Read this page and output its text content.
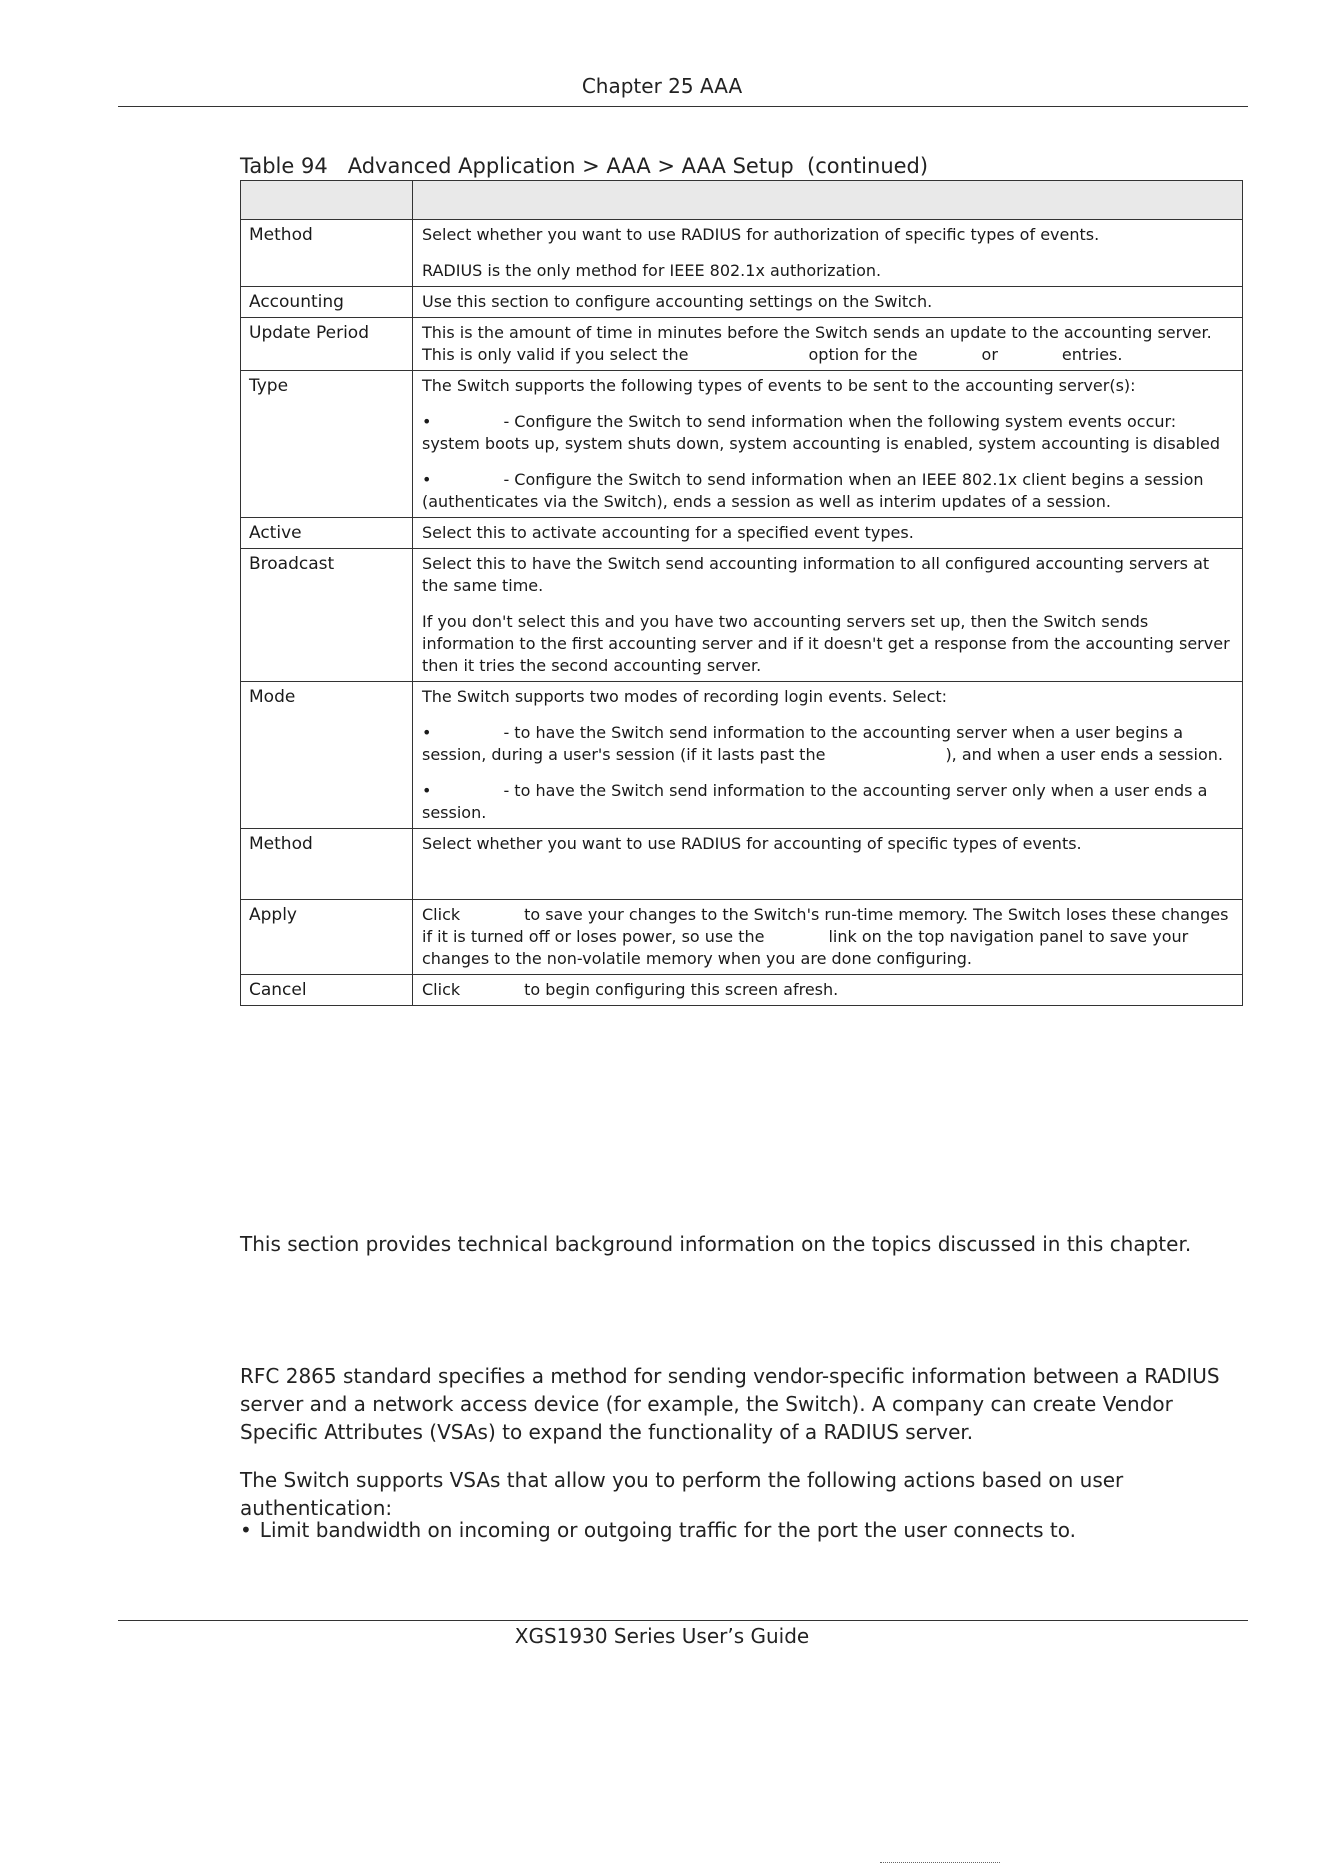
Chapter 25 AAA
Table 94   Advanced Application > AAA > AAA Setup  (continued)
Method	Select whether you want to use RADIUS for authorization of specific types of events.

RADIUS is the only method for IEEE 802.1x authorization.

Accounting	Use this section to configure accounting settings on the Switch.

Update Period	This is the amount of time in minutes before the Switch sends an update to the accounting server. This is only valid if you select the	option for the	or	entries.

Type	The Switch supports the following types of events to be sent to the accounting server(s):

•	- Configure the Switch to send information when the following system events occur: system boots up, system shuts down, system accounting is enabled, system accounting is disabled

•	- Configure the Switch to send information when an IEEE 802.1x client begins a session (authenticates via the Switch), ends a session as well as interim updates of a session.

Active	Select this to activate accounting for a specified event types.

Broadcast	Select this to have the Switch send accounting information to all configured accounting servers at the same time.

If you don't select this and you have two accounting servers set up, then the Switch sends information to the first accounting server and if it doesn't get a response from the accounting server then it tries the second accounting server.

Mode	The Switch supports two modes of recording login events. Select:

•	- to have the Switch send information to the accounting server when a user begins a session, during a user's session (if it lasts past the	), and when a user ends a session.

•	- to have the Switch send information to the accounting server only when a user ends a session.

Method	Select whether you want to use RADIUS for accounting of specific types of events.

Apply	Click	to save your changes to the Switch's run-time memory. The Switch loses these changes if it is turned off or loses power, so use the	link on the top navigation panel to save your changes to the non-volatile memory when you are done configuring.

Cancel	Click	to begin configuring this screen afresh.

This section provides technical background information on the topics discussed in this chapter.

RFC 2865 standard specifies a method for sending vendor-specific information between a RADIUS server and a network access device (for example, the Switch). A company can create Vendor Specific Attributes (VSAs) to expand the functionality of a RADIUS server.

The Switch supports VSAs that allow you to perform the following actions based on user authentication:

• Limit bandwidth on incoming or outgoing traffic for the port the user connects to.

XGS1930 Series User’s Guide
